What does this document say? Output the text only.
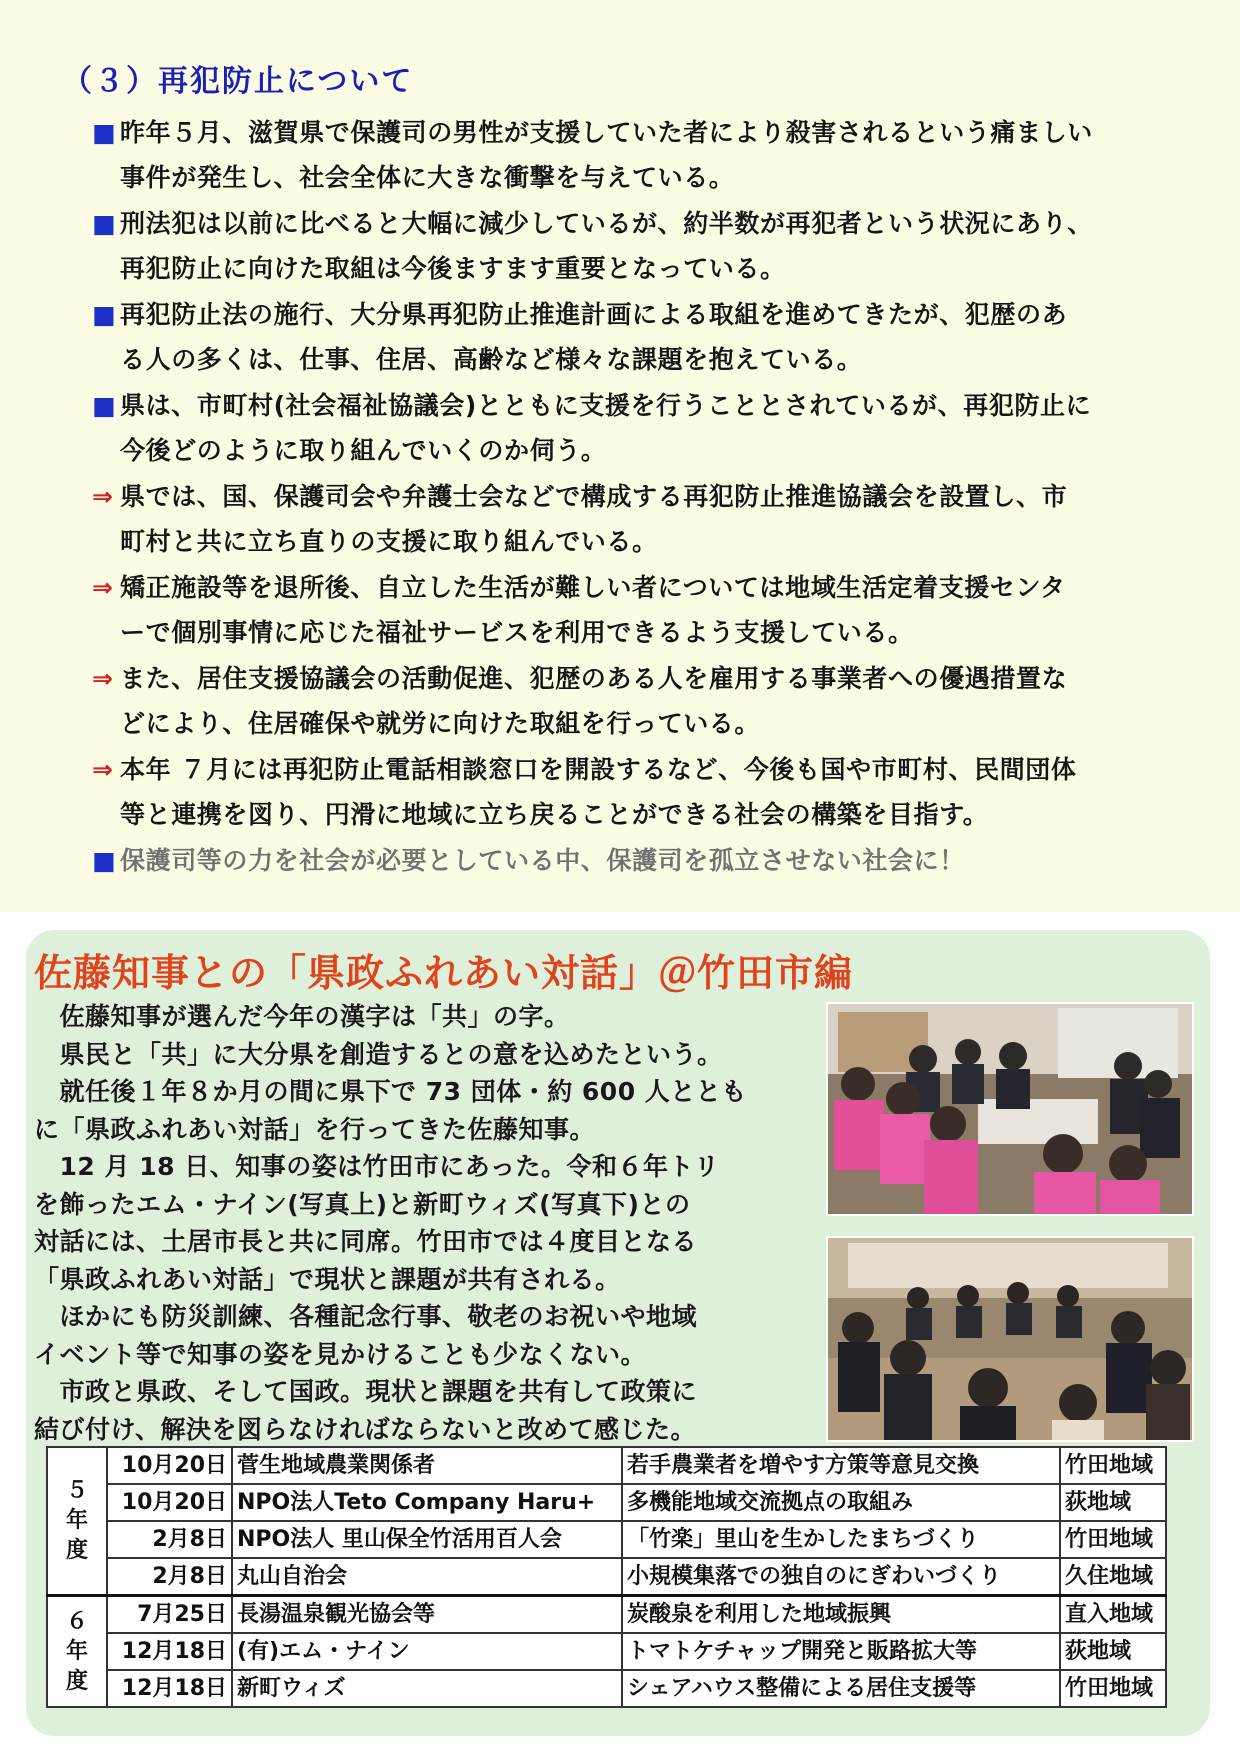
（３）再犯防止について
■ 昨年５月、滋賀県で保護司の男性が支援していた者により殺害されるという痛ましい
事件が発生し、社会全体に大きな衝撃を与えている。
■ 刑法犯は以前に比べると大幅に減少しているが、約半数が再犯者という状況にあり、
再犯防止に向けた取組は今後ますます重要となっている。
■ 再犯防止法の施行、大分県再犯防止推進計画による取組を進めてきたが、犯歴のあ
る人の多くは、仕事、住居、高齢など様々な課題を抱えている。
■ 県は、市町村(社会福祉協議会)とともに支援を行うこととされているが、再犯防止に
今後どのように取り組んでいくのか伺う。
⇒ 県では、国、保護司会や弁護士会などで構成する再犯防止推進協議会を設置し、市
町村と共に立ち直りの支援に取り組んでいる。
⇒ 矯正施設等を退所後、自立した生活が難しい者については地域生活定着支援センタ
ーで個別事情に応じた福祉サービスを利用できるよう支援している。
⇒ また、居住支援協議会の活動促進、犯歴のある人を雇用する事業者への優遇措置な
どにより、住居確保や就労に向けた取組を行っている。
⇒ 本年 ７月には再犯防止電話相談窓口を開設するなど、今後も国や市町村、民間団体
等と連携を図り、円滑に地域に立ち戻ることができる社会の構築を目指す。
■ 保護司等の力を社会が必要としている中、保護司を孤立させない社会に！
佐藤知事との「県政ふれあい対話」＠竹田市編
　佐藤知事が選んだ今年の漢字は「共」の字。
　県民と「共」に大分県を創造するとの意を込めたという。
　就任後１年８か月の間に県下で 73 団体・約 600 人ととも
に「県政ふれあい対話」を行ってきた佐藤知事。
　12 月 18 日、知事の姿は竹田市にあった。令和６年トリ
を飾ったエム・ナイン(写真上)と新町ウィズ(写真下)との
対話には、土居市長と共に同席。竹田市では４度目となる
「県政ふれあい対話」で現状と課題が共有される。
　ほかにも防災訓練、各種記念行事、敬老のお祝いや地域
イベント等で知事の姿を見かけることも少なくない。
　市政と県政、そして国政。現状と課題を共有して政策に
結び付け、解決を図らなければならないと改めて感じた。
５年度	10月20日	菅生地域農業関係者	若手農業者を増やす方策等意見交換	竹田地域
	10月20日	NPO法人Teto Company Haru+	多機能地域交流拠点の取組み	荻地域
	2月8日	NPO法人 里山保全竹活用百人会	「竹楽」里山を生かしたまちづくり	竹田地域
	2月8日	丸山自治会	小規模集落での独自のにぎわいづくり	久住地域
６年度	7月25日	長湯温泉観光協会等	炭酸泉を利用した地域振興	直入地域
	12月18日	(有)エム・ナイン	トマトケチャップ開発と販路拡大等	荻地域
	12月18日	新町ウィズ	シェアハウス整備による居住支援等	竹田地域
